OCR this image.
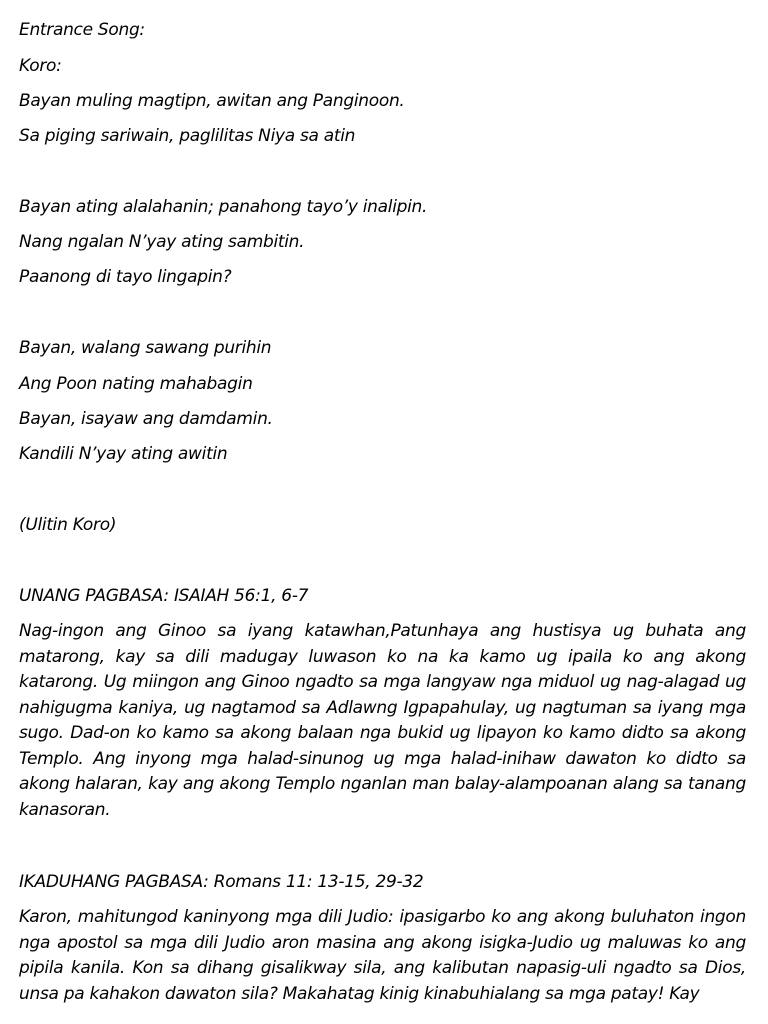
Entrance Song:
Koro:
Bayan muling magtipn, awitan ang Panginoon.
Sa piging sariwain, paglilitas Niya sa atin
Bayan ating alalahanin; panahong tayo’y inalipin.
Nang ngalan N’yay ating sambitin.
Paanong di tayo lingapin?
Bayan, walang sawang purihin
Ang Poon nating mahabagin
Bayan, isayaw ang damdamin.
Kandili N’yay ating awitin
(Ulitin Koro)
UNANG PAGBASA: ISAIAH 56:1, 6-7
Nag-ingon ang Ginoo sa iyang katawhan,Patunhaya ang hustisya ug buhata ang matarong, kay sa dili madugay luwason ko na ka kamo ug ipaila ko ang akong katarong. Ug miingon ang Ginoo ngadto sa mga langyaw nga miduol ug nag-alagad ug nahigugma kaniya, ug nagtamod sa Adlawng Igpapahulay, ug nagtuman sa iyang mga sugo. Dad-on ko kamo sa akong balaan nga bukid ug lipayon ko kamo didto sa akong Templo. Ang inyong mga halad-sinunog ug mga halad-inihaw dawaton ko didto sa akong halaran, kay ang akong Templo nganlan man balay-alampoanan alang sa tanang kanasoran.
IKADUHANG PAGBASA: Romans 11: 13-15, 29-32
Karon, mahitungod kaninyong mga dili Judio: ipasigarbo ko ang akong buluhaton ingon nga apostol sa mga dili Judio aron masina ang akong isigka-Judio ug maluwas ko ang pipila kanila. Kon sa dihang gisalikway sila, ang kalibutan napasig-uli ngadto sa Dios, unsa pa kahakon dawaton sila? Makahatag kinig kinabuhialang sa mga patay! Kay
